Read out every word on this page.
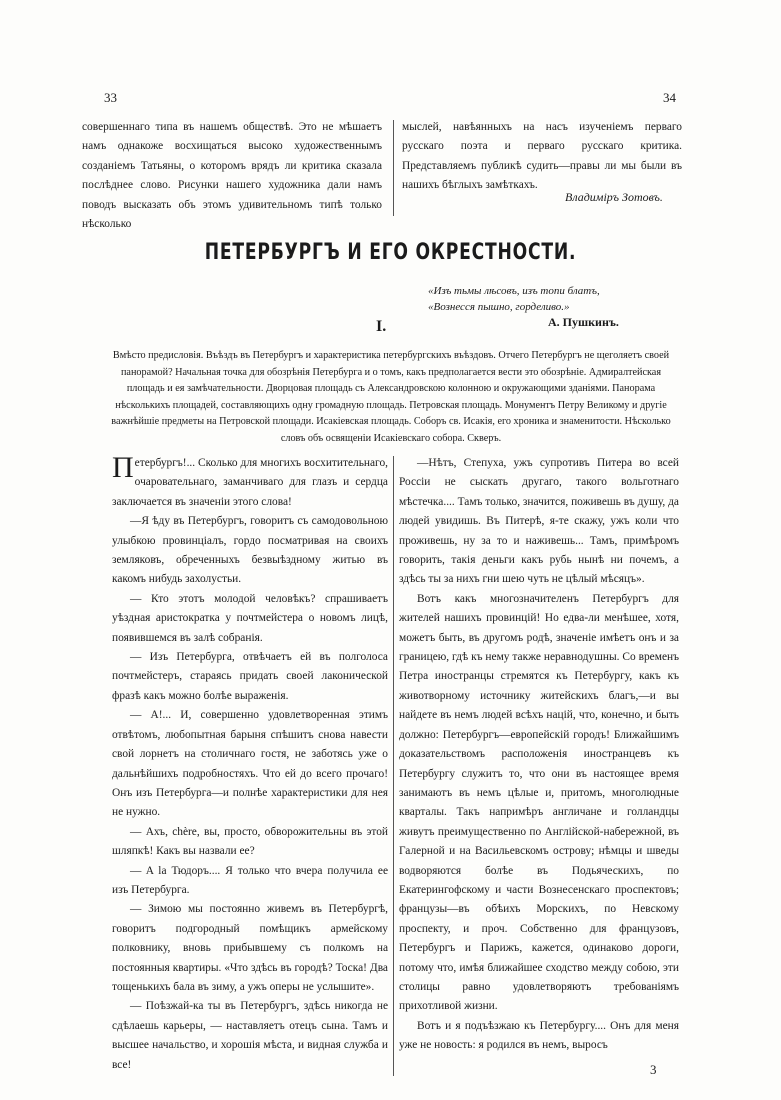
33	34

совершеннаго типа въ нашемъ обществѣ. Это не мѣшаетъ намъ однакоже восхищаться высоко художественнымъ созданіемъ Татьяны, о которомъ врядъ ли критика сказала послѣднее слово. Рисунки нашего художника дали намъ поводъ высказать объ этомъ удивительномъ типѣ только нѣсколько

мыслей, навѣянныхъ на насъ изученіемъ перваго русскаго поэта и перваго русскаго критика. Представляемъ публикѣ судить—правы ли мы были въ нашихъ бѣглыхъ замѣткахъ.

Владиміръ Зотовъ.
ПЕТЕРБУРГЪ И ЕГО ОКРЕСТНОСТИ.
«Изъ тьмы лѣсовъ, изъ топи блатъ,
«Вознесся пышно, горделиво.»
А. Пушкинъ.
I.
Вмѣсто предисловія. Въѣздъ въ Петербургъ и характеристика петербургскихъ въѣздовъ. Отчего Петербургъ не щеголяетъ своей панорамой? Начальная точка для обозрѣнія Петербурга и о томъ, какъ предполагается вести это обозрѣніе. Адмиралтейская площадь и ея замѣчательности. Дворцовая площадь съ Александровскою колонною и окружающими зданіями. Панорама нѣсколькихъ площадей, составляющихъ одну громадную площадь. Петровская площадь. Монументъ Петру Великому и другіе важнѣйшіе предметы на Петровской площади. Исакіевская площадь. Соборъ св. Исакія, его хроника и знаменитости. Нѣсколько словъ объ освященіи Исакіевскаго собора. Скверъ.

Петербургъ!... Сколько для многихъ восхитительнаго, очаровательнаго, заманчиваго для глазъ и сердца заключается въ значеніи этого слова!

—Я ѣду въ Петербургъ, говоритъ съ самодовольною улыбкою провинціалъ, гордо посматривая на своихъ земляковъ, обреченныхъ безвыѣздному житью въ какомъ нибудь захолустьи.

— Кто этотъ молодой человѣкъ? спрашиваетъ уѣздная аристократка у почтмейстера о новомъ лицѣ, появившемся въ залѣ собранія.

— Изъ Петербурга, отвѣчаетъ ей въ полголоса почтмейстеръ, стараясь придать своей лаконической фразѣ какъ можно болѣе выраженія.

— А!... И, совершенно удовлетворенная этимъ отвѣтомъ, любопытная барыня спѣшитъ снова навести свой лорнетъ на столичнаго гостя, не заботясь уже о дальнѣйшихъ подробностяхъ. Что ей до всего прочаго! Онъ изъ Петербурга—и полнѣе характеристики для нея не нужно.

— Ахъ, chère, вы, просто, обворожительны въ этой шляпкѣ! Какъ вы назвали ее?

— A la Тюдоръ.... Я только что вчера получила ее изъ Петербурга.

— Зимою мы постоянно живемъ въ Петербургѣ, говоритъ подгородный помѣщикъ армейскому полковнику, вновь прибывшему съ полкомъ на постоянныя квартиры. «Что здѣсь въ городѣ? Тоска! Два тощенькихъ бала въ зиму, а ужъ оперы не услышите».

— Поѣзжай-ка ты въ Петербургъ, здѣсь никогда не сдѣлаешь карьеры, — наставляетъ отецъ сына. Тамъ и высшее начальство, и хорошія мѣста, и видная служба и все!

—Нѣтъ, Степуха, ужъ супротивъ Питера во всей Россіи не сыскать другаго, такого вольготнаго мѣстечка.... Тамъ только, значится, поживешь въ душу, да людей увидишь. Въ Питерѣ, я-те скажу, ужъ коли что проживешь, ну за то и наживешь... Тамъ, примѣромъ говорить, такія деньги какъ рубь нынѣ ни почемъ, а здѣсь ты за нихъ гни шею чуть не цѣлый мѣсяцъ».

Вотъ какъ многозначителенъ Петербургъ для жителей нашихъ провинцій! Но едва-ли менѣшее, хотя, можетъ быть, въ другомъ родѣ, значеніе имѣетъ онъ и за границею, гдѣ къ нему также неравнодушны. Со временъ Петра иностранцы стремятся къ Петербургу, какъ къ животворному источнику житейскихъ благъ,—и вы найдете въ немъ людей всѣхъ націй, что, конечно, и быть должно: Петербургъ—европейскій городъ! Ближайшимъ доказательствомъ расположенія иностранцевъ къ Петербургу служитъ то, что они въ настоящее время занимаютъ въ немъ цѣлые и, притомъ, многолюдные кварталы. Такъ напримѣръ англичане и голландцы живутъ преимущественно по Англійской-набережной, въ Галерной и на Васильевскомъ острову; нѣмцы и шведы водворяются болѣе въ Подьяческихъ, по Екатерингофскому и части Вознесенскаго проспектовъ; французы—въ обѣихъ Морскихъ, по Невскому проспекту, и проч. Собственно для французовъ, Петербургъ и Парижъ, кажется, одинаково дороги, потому что, имѣя ближайшее сходство между собою, эти столицы равно удовлетворяютъ требованіямъ прихотливой жизни.

Вотъ и я подъѣзжаю къ Петербургу.... Онъ для меня уже не новость: я родился въ немъ, выросъ

3
